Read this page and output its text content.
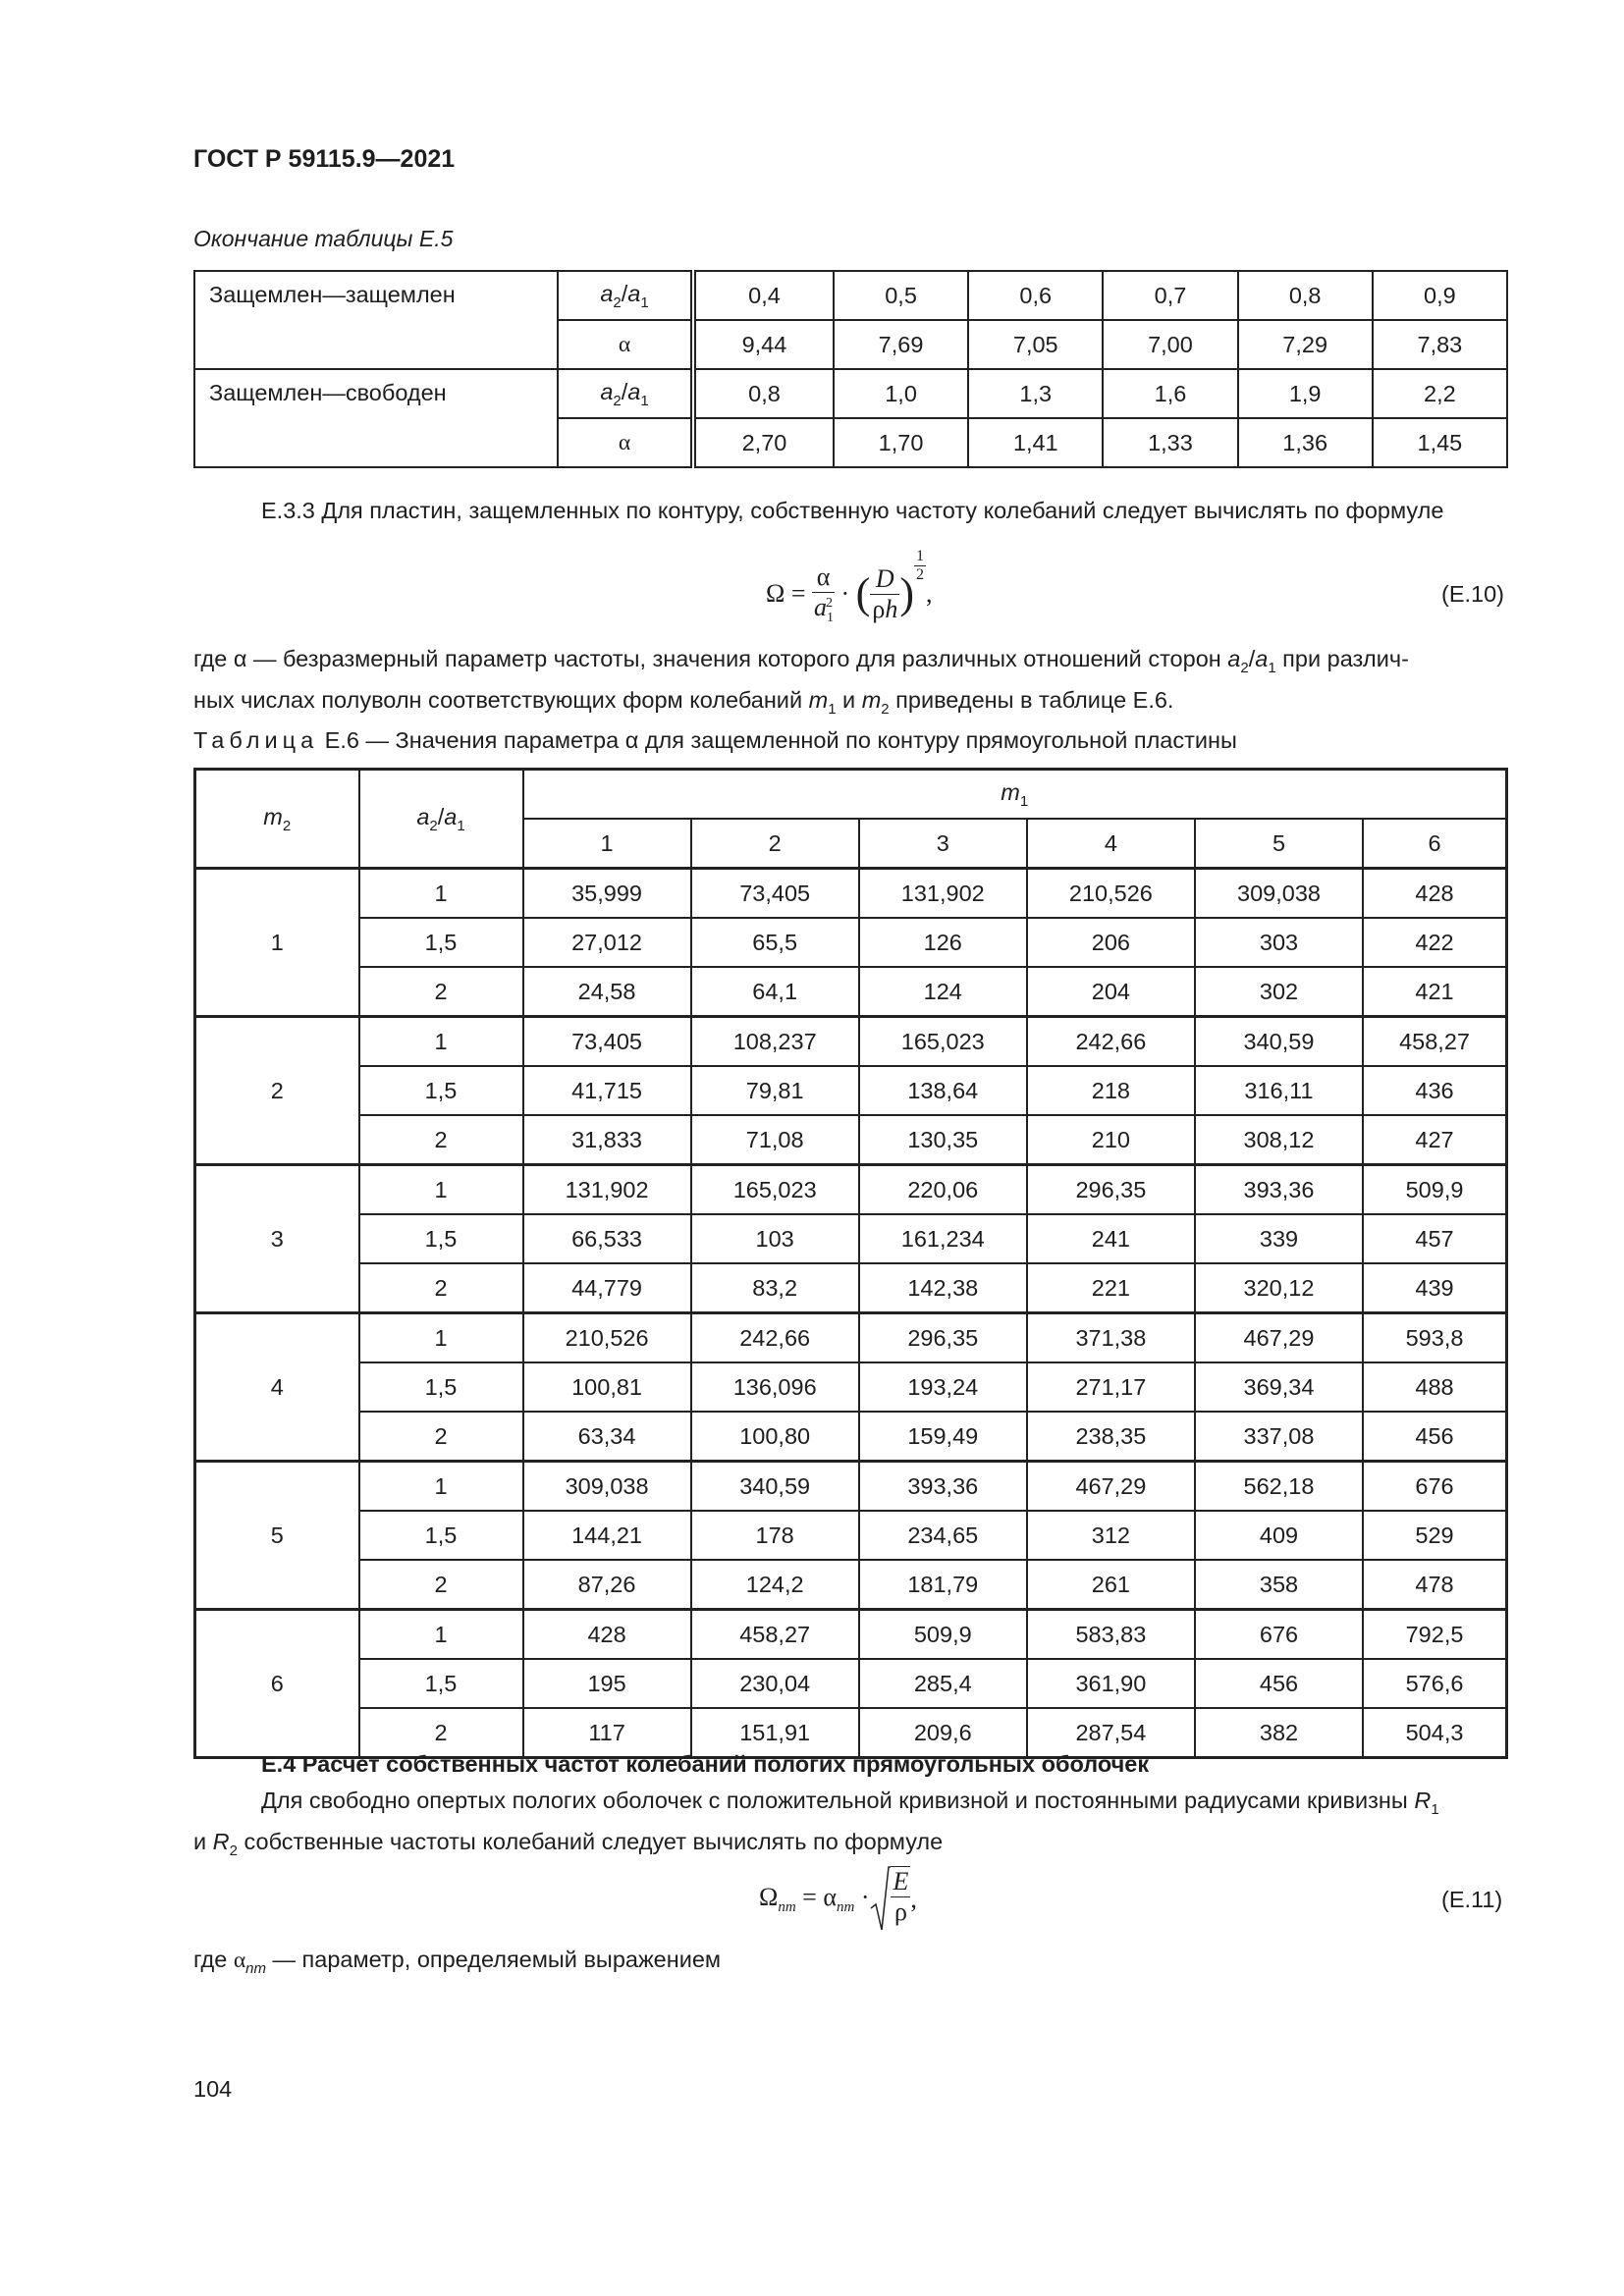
ГОСТ Р 59115.9—2021
Окончание таблицы Е.5
Защемлен—защемлен	$a_2/a_1$	0,4	0,5	0,6	0,7	0,8	0,9
	α	9,44	7,69	7,05	7,00	7,29	7,83
Защемлен—свободен	$a_2/a_1$	0,8	1,0	1,3	1,6	1,9	2,2
	α	2,70	1,70	1,41	1,33	1,36	1,45
Е.3.3 Для пластин, защемленных по контуру, собственную частоту колебаний следует вычислять по формуле
$\Omega = \frac{\alpha}{a_1^2}$ · ( $\frac{D}{\rho h}$ )
$\frac{1}{2}$
,	(Е.10)
где α — безразмерный параметр частоты, значения которого для различных отношений сторон $a_2/a_1$ при различ-
ных числах полуволн соответствующих форм колебаний $m_1$ и $m_2$ приведены в таблице Е.6.
Таблица Е.6 — Значения параметра α для защемленной по контуру прямоугольной пластины
$m_2$	$a_2/a_1$	$m_1$
		1	2	3	4	5	6
1	1	35,999	73,405	131,902	210,526	309,038	428
	1,5	27,012	65,5	126	206	303	422
	2	24,58	64,1	124	204	302	421
2	1	73,405	108,237	165,023	242,66	340,59	458,27
	1,5	41,715	79,81	138,64	218	316,11	436
	2	31,833	71,08	130,35	210	308,12	427
3	1	131,902	165,023	220,06	296,35	393,36	509,9
	1,5	66,533	103	161,234	241	339	457
	2	44,779	83,2	142,38	221	320,12	439
4	1	210,526	242,66	296,35	371,38	467,29	593,8
	1,5	100,81	136,096	193,24	271,17	369,34	488
	2	63,34	100,80	159,49	238,35	337,08	456
5	1	309,038	340,59	393,36	467,29	562,18	676
	1,5	144,21	178	234,65	312	409	529
	2	87,26	124,2	181,79	261	358	478
6	1	428	458,27	509,9	583,83	676	792,5
	1,5	195	230,04	285,4	361,90	456	576,6
	2	117	151,91	209,6	287,54	382	504,3
Е.4 Расчет собственных частот колебаний пологих прямоугольных оболочек
Для свободно опертых пологих оболочек с положительной кривизной и постоянными радиусами кривизны $R_1$
и $R_2$ собственные частоты колебаний следует вычислять по формуле
$\Omega_{nm} = \alpha_{nm} \cdot \frac{E}{\rho}$ ,	(Е.11)
где $\alpha_{nm}$ — параметр, определяемый выражением
104
